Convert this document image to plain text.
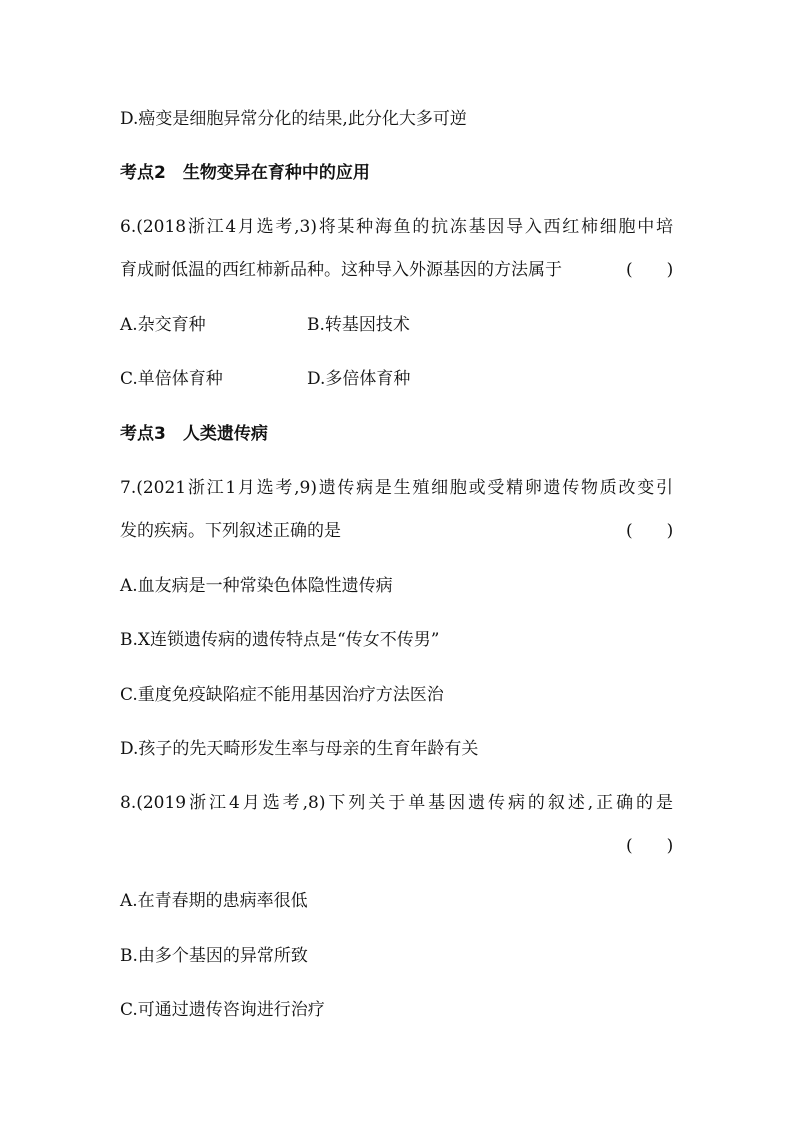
D.癌变是细胞异常分化的结果,此分化大多可逆
考点2　生物变异在育种中的应用
6.(2018浙江4月选考,3)将某种海鱼的抗冻基因导入西红柿细胞中培
育成耐低温的西红柿新品种。这种导入外源基因的方法属于	(　　)
A.杂交育种	B.转基因技术
C.单倍体育种	D.多倍体育种
考点3　人类遗传病
7.(2021浙江1月选考,9)遗传病是生殖细胞或受精卵遗传物质改变引
发的疾病。下列叙述正确的是	(　　)
A.血友病是一种常染色体隐性遗传病
B.X连锁遗传病的遗传特点是“传女不传男”
C.重度免疫缺陷症不能用基因治疗方法医治
D.孩子的先天畸形发生率与母亲的生育年龄有关
8.(2019浙江4月选考,8)下列关于单基因遗传病的叙述,正确的是
(　　)
A.在青春期的患病率很低
B.由多个基因的异常所致
C.可通过遗传咨询进行治疗
